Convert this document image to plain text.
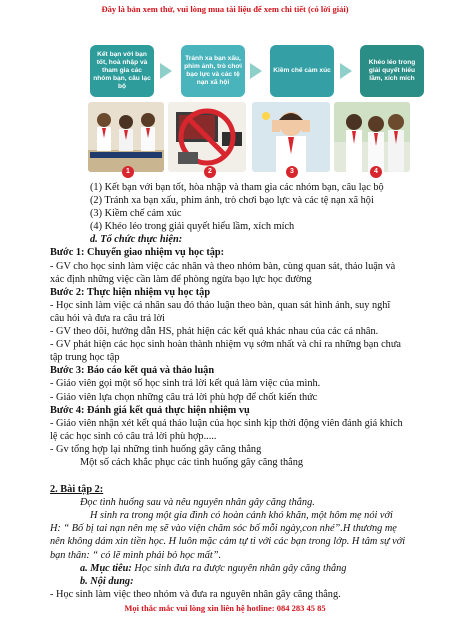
Đây là bản xem thử, vui lòng mua tài liệu để xem chi tiết (có lời giải)
Kết bạn với bạn tốt, hoà nhập và tham gia các nhóm bạn, câu lạc bộ
Tránh xa bạn xấu, phim ảnh, trò chơi bạo lực và các tệ nạn xã hội
Kiềm chế cảm xúc
Khéo léo trong giải quyết hiểu lầm, xích mích
1	2	3	4

(1) Kết bạn với bạn tốt, hòa nhập và tham gia các nhóm bạn, câu lạc bộ

(2) Tránh xa bạn xấu, phim ảnh, trò chơi bạo lực và các tệ nạn xã hội

(3) Kiềm chế cảm xúc

(4) Khéo léo trong giải quyết hiểu lầm, xích mích

d. Tổ chức thực hiện:

Bước 1: Chuyển giao nhiệm vụ học tập:

- GV cho học sinh làm việc các nhân và theo nhóm bàn, cùng quan sát, thảo luận và xác định những việc cần làm để phòng ngừa bạo lực học đường

Bước 2: Thực hiện nhiệm vụ học tập

- Học sinh làm việc cá nhân sau đó thảo luận theo bàn, quan sát hình ảnh, suy nghĩ câu hỏi và đưa ra câu trả lời

- GV theo dõi, hướng dẫn HS, phát hiện các kết quả khác nhau của các cá nhân.

- GV phát hiện các học sinh hoàn thành nhiệm vụ sớm nhất và chỉ ra những bạn chưa tập trung học tập

Bước 3: Báo cáo kết quả và thảo luận

- Giáo viên gọi một số học sinh trả lời kết quả làm việc của mình.

- Giáo viên lựa chọn những câu trả lời phù hợp để chốt kiến thức

Bước 4: Đánh giá kết quả thực hiện nhiệm vụ

- Giáo viên nhận xét kết quả thảo luận của học sinh kịp thời động viên đánh giá khích lệ các học sinh có câu trả lời phù hợp.....

- Gv tổng hợp lại những tình huống gây căng thẳng

Một số cách khắc phục các tình huống gây căng thẳng

2. Bài tập 2:

Đọc tình huống sau và nêu nguyên nhân gây căng thẳng.

H sinh ra trong một gia đình có hoàn cảnh khó khăn, một hôm mẹ nói với H: “ Bố bị tai nạn nên mẹ sẽ vào viện chăm sóc bố mỗi ngày,con nhé”.H thương mẹ nên không dám xin tiền học. H luôn mặc cảm tự ti với các bạn trong lớp. H tâm sự với bạn thân: “ có lẽ mình phải bỏ học mất”.

a. Mục tiêu: Học sinh đưa ra được nguyên nhân gây căng thẳng

b. Nội dung:

- Học sinh làm việc theo nhóm và đưa ra nguyên nhân gây căng thẳng.

Mọi thắc mắc vui lòng xin liên hệ hotline: 084 283 45 85
